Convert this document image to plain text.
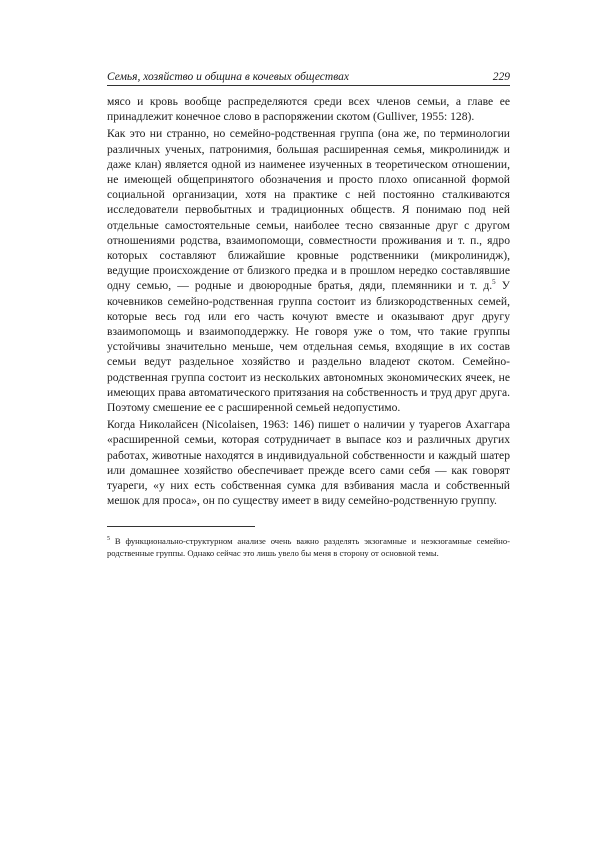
Семья, хозяйство и община в кочевых обществах	229

мясо и кровь вообще распределяются среди всех членов семьи, а главе ее принадлежит конечное слово в распоряжении скотом (Gulliver, 1955: 128).

Как это ни странно, но семейно-родственная группа (она же, по терминологии различных ученых, патронимия, большая расширенная семья, микролинидж и даже клан) является одной из наименее изученных в теоретическом отношении, не имеющей общепринятого обозначения и просто плохо описанной формой социальной организации, хотя на практике с ней постоянно сталкиваются исследователи первобытных и традиционных обществ. Я понимаю под ней отдельные самостоятельные семьи, наиболее тесно связанные друг с другом отношениями родства, взаимопомощи, совместности проживания и т. п., ядро которых составляют ближайшие кровные родственники (микролинидж), ведущие происхождение от близкого предка и в прошлом нередко составлявшие одну семью, — родные и двоюродные братья, дяди, племянники и т. д.$^5$ У кочевников семейно-родственная группа состоит из близкородственных семей, которые весь год или его часть кочуют вместе и оказывают друг другу взаимопомощь и взаимоподдержку. Не говоря уже о том, что такие группы устойчивы значительно меньше, чем отдельная семья, входящие в их состав семьи ведут раздельное хозяйство и раздельно владеют скотом. Семейно-родственная группа состоит из нескольких автономных экономических ячеек, не имеющих права автоматического притязания на собственность и труд друг друга. Поэтому смешение ее с расширенной семьей недопустимо.

Когда Николайсен (Nicolaisen, 1963: 146) пишет о наличии у туарегов Ахаггара «расширенной семьи, которая сотрудничает в выпасе коз и различных других работах, животные находятся в индивидуальной собственности и каждый шатер или домашнее хозяйство обеспечивает прежде всего сами себя — как говорят туареги, «у них есть собственная сумка для взбивания масла и собственный мешок для проса», он по существу имеет в виду семейно-родственную группу.

$^5$ В функционально-структурном анализе очень важно разделять экзогамные и неэкзогамные семейно-родственные группы. Однако сейчас это лишь увело бы меня в сторону от основной темы.
